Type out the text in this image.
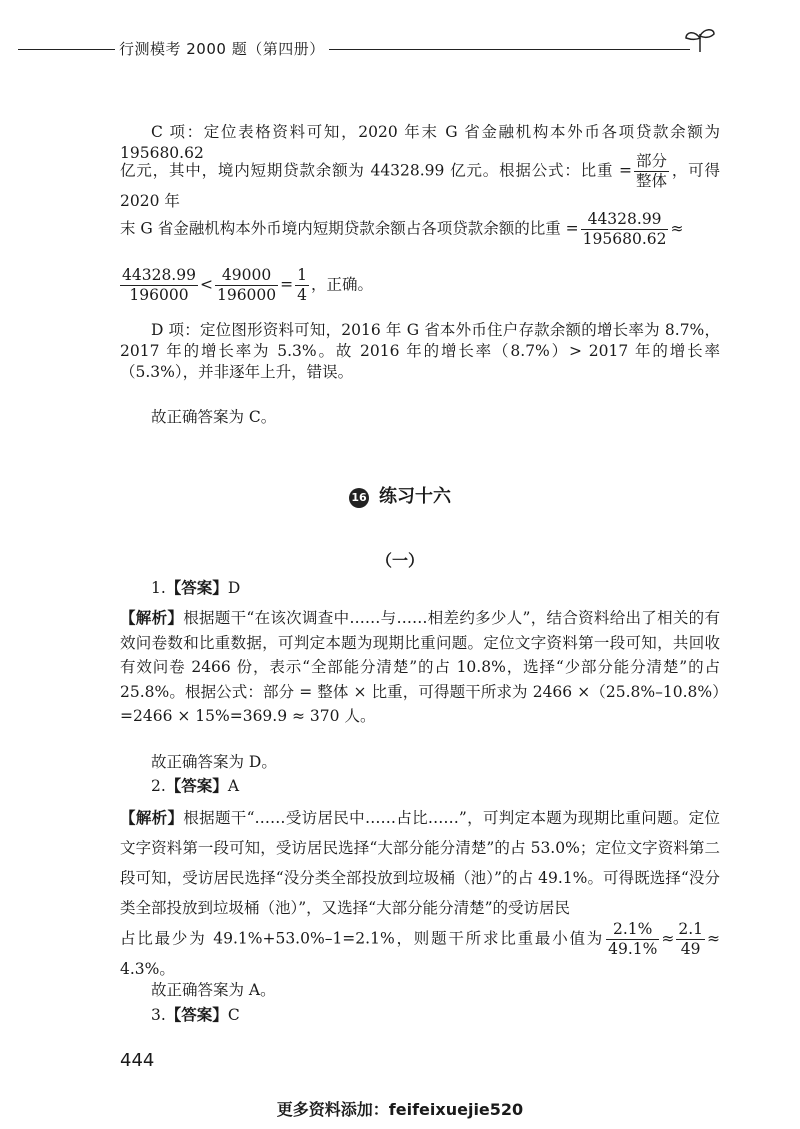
行测模考 2000 题（第四册）
C 项：定位表格资料可知，2020 年末 G 省金融机构本外币各项贷款余额为 195680.62
亿元，其中，境内短期贷款余额为 44328.99 亿元。根据公式：比重 = $\frac{\text{部分}}{\text{整体}}$ ，可得 2020 年
末 G 省金融机构本外币境内短期贷款余额占各项贷款余额的比重 = $\frac{44328.99}{195680.62}$ ≈
$\frac{44328.99}{196000} < \frac{49000}{196000} = \frac{1}{4}$ ，正确。
D 项：定位图形资料可知，2016 年 G 省本外币住户存款余额的增长率为 8.7%，2017 年的增长率为 5.3%。故 2016 年的增长率（8.7%）> 2017 年的增长率（5.3%），并非逐年上升，错误。
故正确答案为 C。
16 练习十六
（一）
1.【答案】D
【解析】根据题干“在该次调查中……与……相差约多少人”，结合资料给出了相关的有效问卷数和比重数据，可判定本题为现期比重问题。定位文字资料第一段可知，共回收有效问卷 2466 份，表示“全部能分清楚”的占 10.8%，选择“少部分能分清楚”的占 25.8%。根据公式：部分 = 整体 × 比重，可得题干所求为 2466 ×（25.8%–10.8%）=2466 × 15%=369.9 ≈ 370 人。
故正确答案为 D。
2.【答案】A
【解析】根据题干“……受访居民中……占比……”，可判定本题为现期比重问题。定位文字资料第一段可知，受访居民选择“大部分能分清楚”的占 53.0%；定位文字资料第二段可知，受访居民选择“没分类全部投放到垃圾桶（池）”的占 49.1%。可得既选择“没分类全部投放到垃圾桶（池）”，又选择“大部分能分清楚”的受访居民
占比最少为 49.1%+53.0%–1=2.1%，则题干所求比重最小值为 $\frac{2.1\%}{49.1\%} \approx \frac{2.1}{49} \approx 4.3\%$。
故正确答案为 A。
3.【答案】C
444
更多资料添加：feifeixuejie520
